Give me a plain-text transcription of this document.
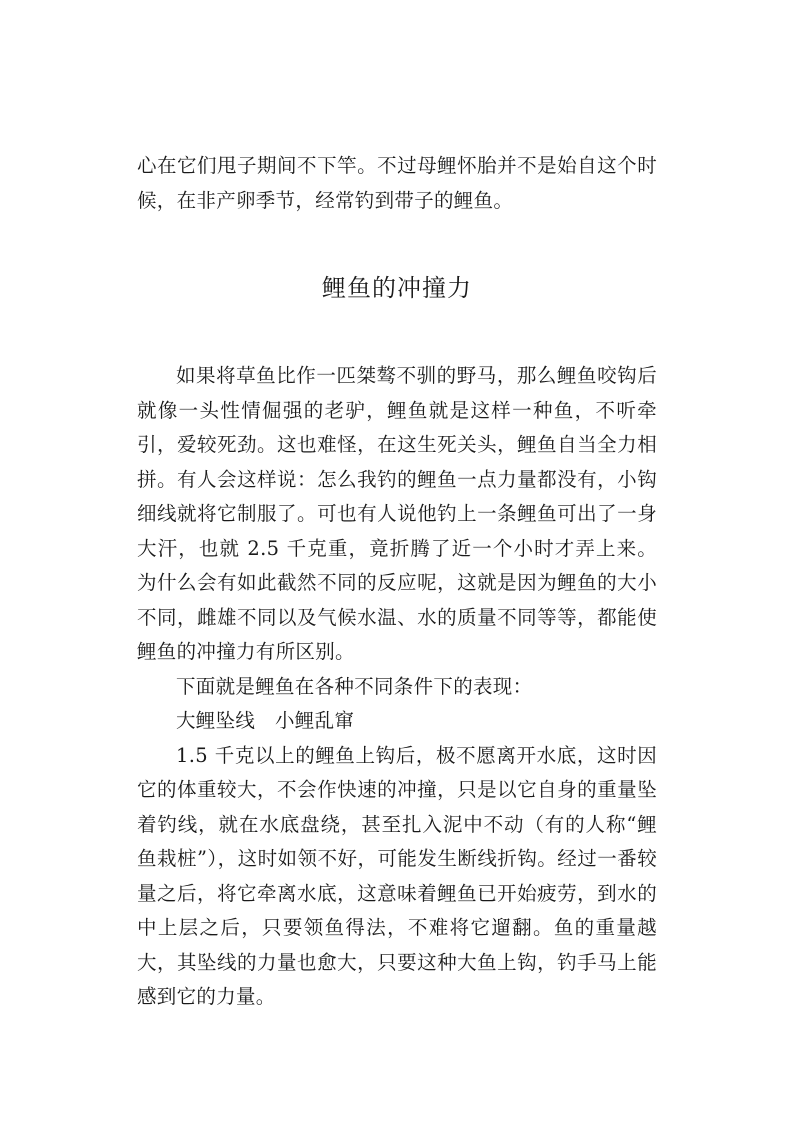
心在它们甩子期间不下竿。不过母鲤怀胎并不是始自这个时候，在非产卵季节，经常钓到带子的鲤鱼。

鲤鱼的冲撞力

如果将草鱼比作一匹桀骜不驯的野马，那么鲤鱼咬钩后就像一头性情倔强的老驴，鲤鱼就是这样一种鱼，不听牵引，爱较死劲。这也难怪，在这生死关头，鲤鱼自当全力相拼。有人会这样说：怎么我钓的鲤鱼一点力量都没有，小钩细线就将它制服了。可也有人说他钓上一条鲤鱼可出了一身大汗，也就 2.5 千克重，竟折腾了近一个小时才弄上来。为什么会有如此截然不同的反应呢，这就是因为鲤鱼的大小不同，雌雄不同以及气候水温、水的质量不同等等，都能使鲤鱼的冲撞力有所区别。

下面就是鲤鱼在各种不同条件下的表现：

大鲤坠线　小鲤乱窜

1.5 千克以上的鲤鱼上钩后，极不愿离开水底，这时因它的体重较大，不会作快速的冲撞，只是以它自身的重量坠着钓线，就在水底盘绕，甚至扎入泥中不动（有的人称“鲤鱼栽桩”），这时如领不好，可能发生断线折钩。经过一番较量之后，将它牵离水底，这意味着鲤鱼已开始疲劳，到水的中上层之后，只要领鱼得法，不难将它遛翻。鱼的重量越大，其坠线的力量也愈大，只要这种大鱼上钩，钓手马上能感到它的力量。
